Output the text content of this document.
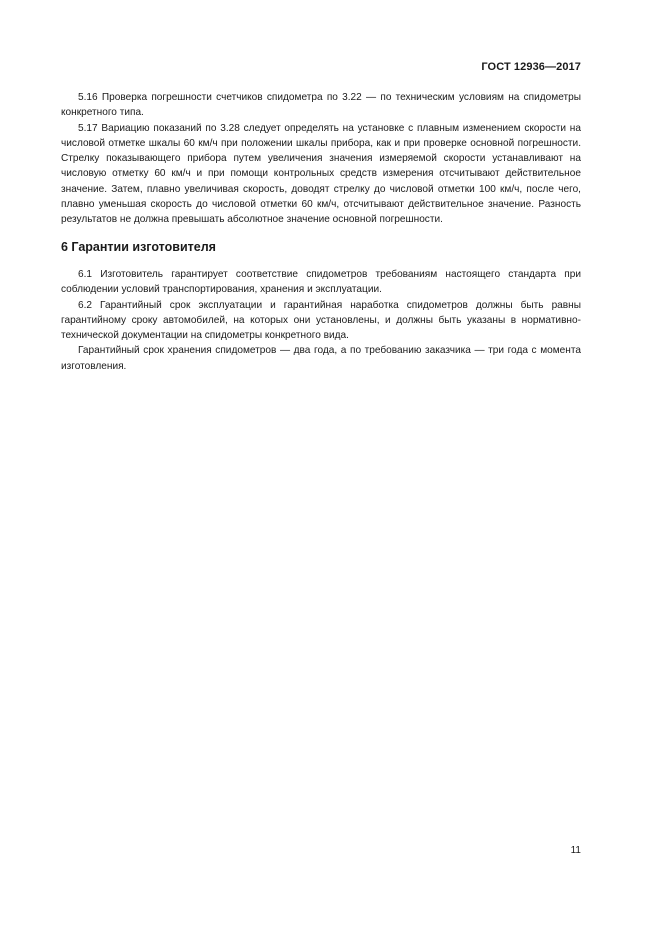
ГОСТ 12936—2017

5.16 Проверка погрешности счетчиков спидометра по 3.22 — по техническим условиям на спидометры конкретного типа.

5.17 Вариацию показаний по 3.28 следует определять на установке с плавным изменением скорости на числовой отметке шкалы 60 км/ч при положении шкалы прибора, как и при проверке основной погрешности. Стрелку показывающего прибора путем увеличения значения измеряемой скорости устанавливают на числовую отметку 60 км/ч и при помощи контрольных средств измерения отсчитывают действительное значение. Затем, плавно увеличивая скорость, доводят стрелку до числовой отметки 100 км/ч, после чего, плавно уменьшая скорость до числовой отметки 60 км/ч, отсчитывают действительное значение. Разность результатов не должна превышать абсолютное значение основной погрешности.

6 Гарантии изготовителя

6.1 Изготовитель гарантирует соответствие спидометров требованиям настоящего стандарта при соблюдении условий транспортирования, хранения и эксплуатации.

6.2 Гарантийный срок эксплуатации и гарантийная наработка спидометров должны быть равны гарантийному сроку автомобилей, на которых они установлены, и должны быть указаны в нормативно-технической документации на спидометры конкретного вида.

Гарантийный срок хранения спидометров — два года, а по требованию заказчика — три года с момента изготовления.

11
